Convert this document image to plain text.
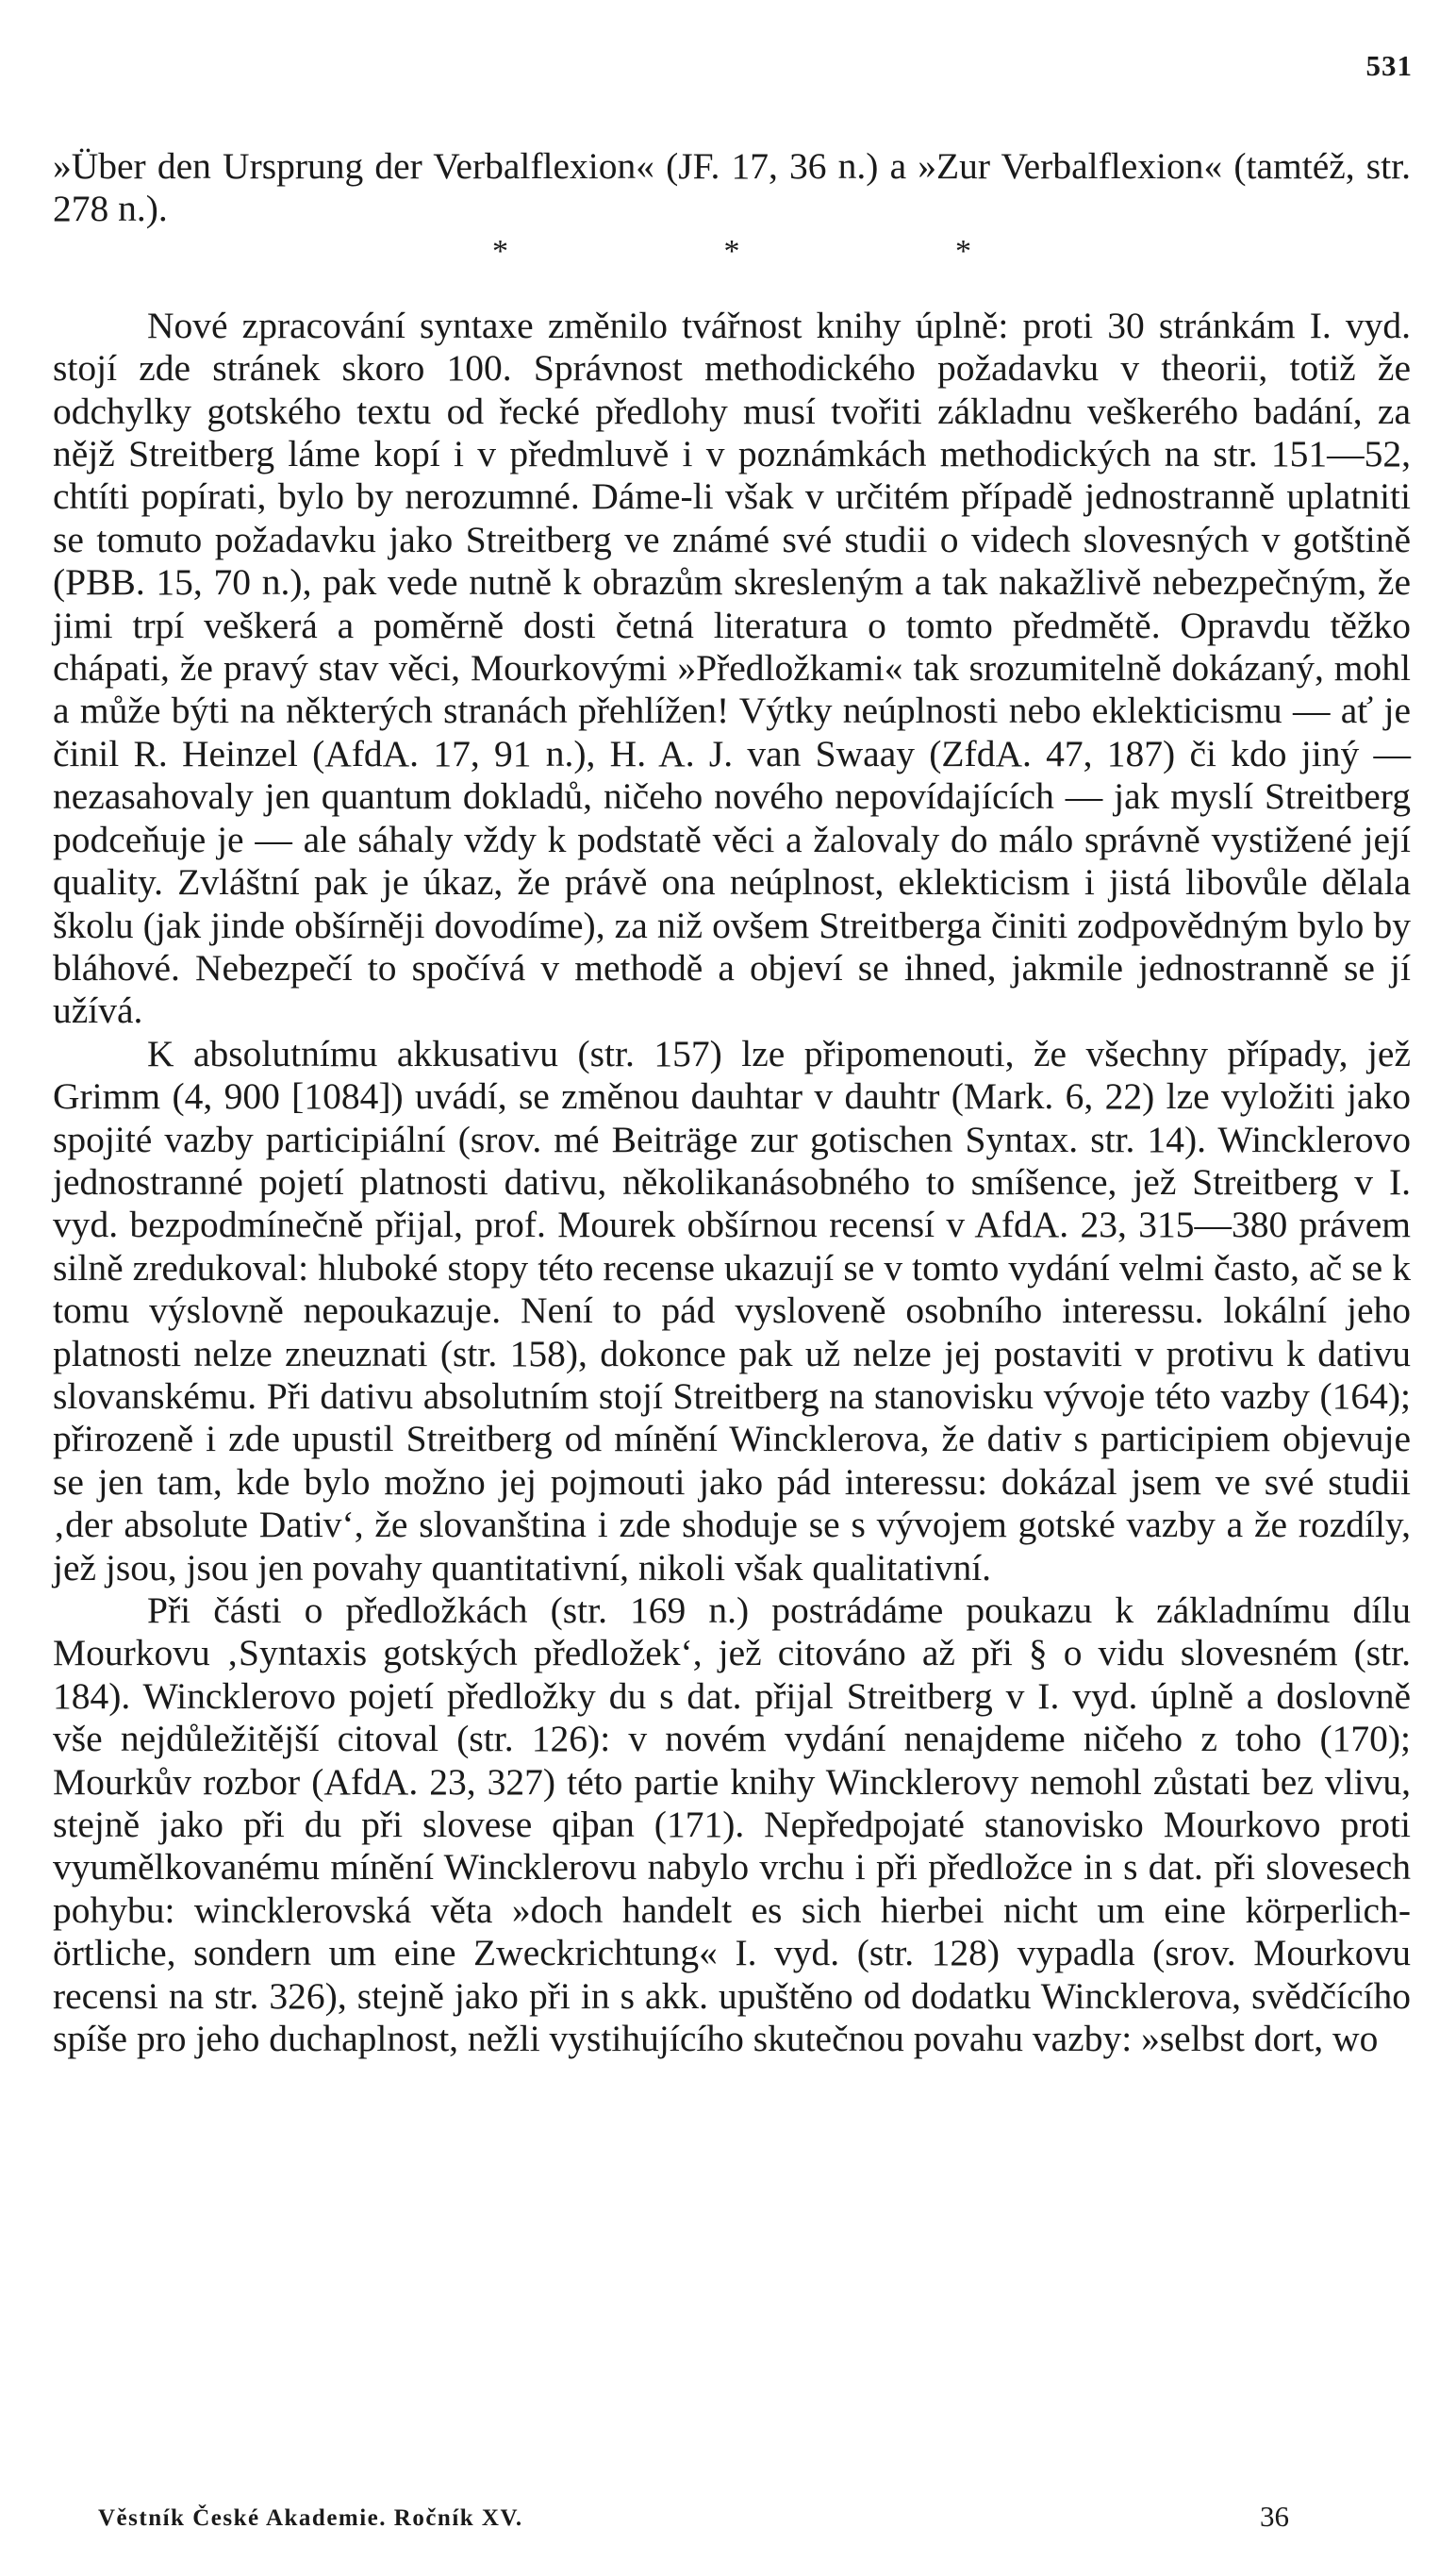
531

»Über den Ursprung der Verbalflexion« (JF. 17, 36 n.) a »Zur Verbalflexion« (tamtéž, str. 278 n.).

* * *

Nové zpracování syntaxe změnilo tvářnost knihy úplně: proti 30 stránkám I. vyd. stojí zde stránek skoro 100. Správnost methodického požadavku v theorii, totiž že odchylky gotského textu od řecké předlohy musí tvořiti základnu veškerého badání, za nějž Streitberg láme kopí i v předmluvě i v poznámkách methodických na str. 151—52, chtíti popírati, bylo by nerozumné. Dáme-li však v určitém případě jednostranně uplatniti se tomuto požadavku jako Streitberg ve známé své studii o videch slovesných v gotštině (PBB. 15, 70 n.), pak vede nutně k obrazům skresleným a tak nakažlivě nebezpečným, že jimi trpí veškerá a poměrně dosti četná literatura o tomto předmětě. Opravdu těžko chápati, že pravý stav věci, Mourkovými »Předložkami« tak srozumitelně dokázaný, mohl a může býti na některých stranách přehlížen! Výtky neúplnosti nebo eklekticismu — ať je činil R. Heinzel (AfdA. 17, 91 n.), H. A. J. van Swaay (ZfdA. 47, 187) či kdo jiný — nezasahovaly jen quantum dokladů, ničeho nového nepovídajících — jak myslí Streitberg podceňuje je — ale sáhaly vždy k podstatě věci a žalovaly do málo správně vystižené její quality. Zvláštní pak je úkaz, že právě ona neúplnost, eklekticism i jistá libovůle dělala školu (jak jinde obšírněji dovodíme), za niž ovšem Streitberga činiti zodpovědným bylo by bláhové. Nebezpečí to spočívá v methodě a objeví se ihned, jakmile jednostranně se jí užívá.

K absolutnímu akkusativu (str. 157) lze připomenouti, že všechny případy, jež Grimm (4, 900 [1084]) uvádí, se změnou dauhtar v dauhtr (Mark. 6, 22) lze vyložiti jako spojité vazby participiální (srov. mé Beiträge zur gotischen Syntax. str. 14). Wincklerovo jednostranné pojetí platnosti dativu, několikanásobného to smíšence, jež Streitberg v I. vyd. bezpodmínečně přijal, prof. Mourek obšírnou recensí v AfdA. 23, 315—380 právem silně zredukoval: hluboké stopy této recense ukazují se v tomto vydání velmi často, ač se k tomu výslovně nepoukazuje. Není to pád vysloveně osobního interessu. lokální jeho platnosti nelze zneuznati (str. 158), dokonce pak už nelze jej postaviti v protivu k dativu slovanskému. Při dativu absolutním stojí Streitberg na stanovisku vývoje této vazby (164); přirozeně i zde upustil Streitberg od mínění Wincklerova, že dativ s participiem objevuje se jen tam, kde bylo možno jej pojmouti jako pád interessu: dokázal jsem ve své studii ‚der absolute Dativ‘, že slovanština i zde shoduje se s vývojem gotské vazby a že rozdíly, jež jsou, jsou jen povahy quantitativní, nikoli však qualitativní.

Při části o předložkách (str. 169 n.) postrádáme poukazu k základnímu dílu Mourkovu ‚Syntaxis gotských předložek‘, jež citováno až při § o vidu slovesném (str. 184). Wincklerovo pojetí předložky du s dat. přijal Streitberg v I. vyd. úplně a doslovně vše nejdůležitější citoval (str. 126): v novém vydání nenajdeme ničeho z toho (170); Mourkův rozbor (AfdA. 23, 327) této partie knihy Wincklerovy nemohl zůstati bez vlivu, stejně jako při du při slovese qiþan (171). Nepředpojaté stanovisko Mourkovo proti vyumělkovanému mínění Wincklerovu nabylo vrchu i při předložce in s dat. při slovesech pohybu: wincklerovská věta »doch handelt es sich hierbei nicht um eine körperlich-örtliche, sondern um eine Zweckrichtung« I. vyd. (str. 128) vypadla (srov. Mourkovu recensi na str. 326), stejně jako při in s akk. upuštěno od dodatku Wincklerova, svědčícího spíše pro jeho duchaplnost, nežli vystihujícího skutečnou povahu vazby: »selbst dort, wo

Věstník České Akademie. Ročník XV.	36
